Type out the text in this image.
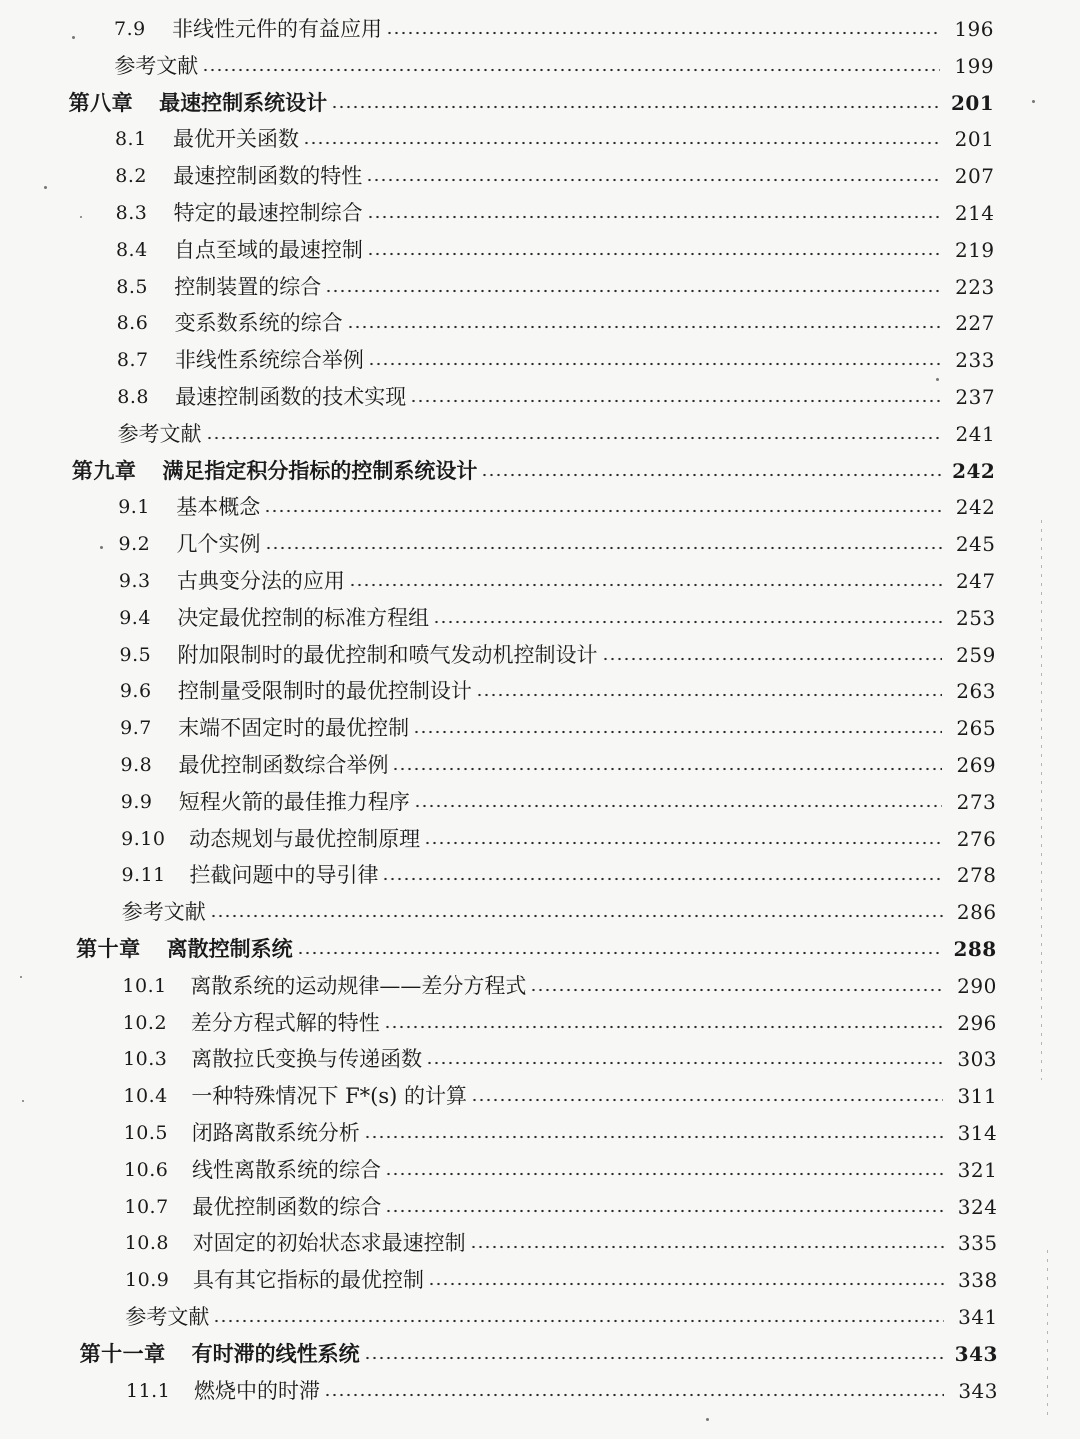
7.9	非线性元件的有益应用	196
参考文献	199
第八章 最速控制系统设计	201
8.1	最优开关函数	201
8.2	最速控制函数的特性	207
8.3	特定的最速控制综合	214
8.4	自点至域的最速控制	219
8.5	控制装置的综合	223
8.6	变系数系统的综合	227
8.7	非线性系统综合举例	233
8.8	最速控制函数的技术实现	237
参考文献	241
第九章 满足指定积分指标的控制系统设计	242
9.1	基本概念	242
9.2	几个实例	245
9.3	古典变分法的应用	247
9.4	决定最优控制的标准方程组	253
9.5	附加限制时的最优控制和喷气发动机控制设计	259
9.6	控制量受限制时的最优控制设计	263
9.7	末端不固定时的最优控制	265
9.8	最优控制函数综合举例	269
9.9	短程火箭的最佳推力程序	273
9.10	动态规划与最优控制原理	276
9.11	拦截问题中的导引律	278
参考文献	286
第十章 离散控制系统	288
10.1	离散系统的运动规律——差分方程式	290
10.2	差分方程式解的特性	296
10.3	离散拉氏变换与传递函数	303
10.4	一种特殊情况下 F*(s) 的计算	311
10.5	闭路离散系统分析	314
10.6	线性离散系统的综合	321
10.7	最优控制函数的综合	324
10.8	对固定的初始状态求最速控制	335
10.9	具有其它指标的最优控制	338
参考文献	341
第十一章 有时滞的线性系统	343
11.1	燃烧中的时滞	343
